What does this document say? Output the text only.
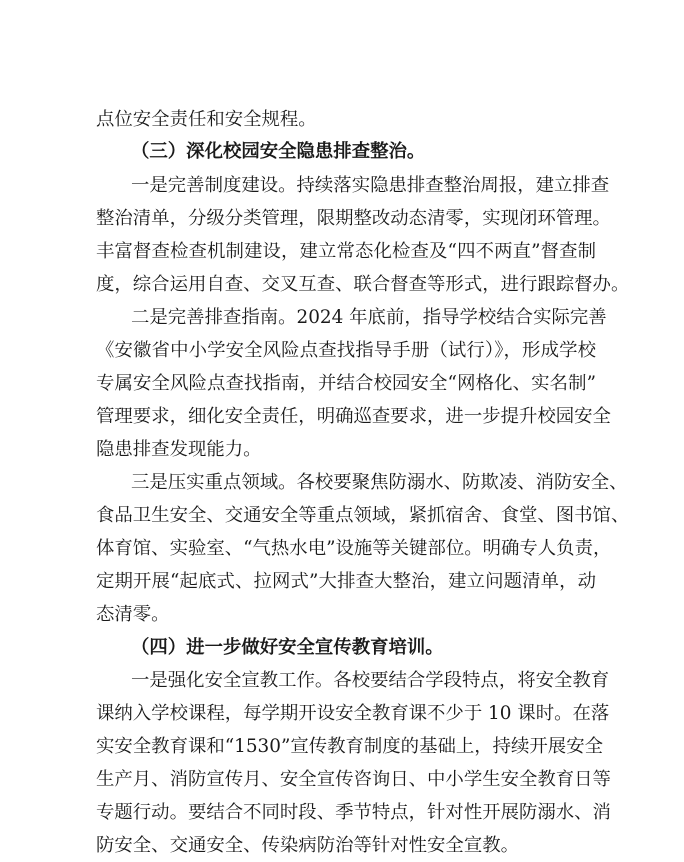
点位安全责任和安全规程。
（三）深化校园安全隐患排查整治。
一是完善制度建设。持续落实隐患排查整治周报，建立排查
整治清单，分级分类管理，限期整改动态清零，实现闭环管理。
丰富督查检查机制建设，建立常态化检查及“四不两直”督查制
度，综合运用自查、交叉互查、联合督查等形式，进行跟踪督办。
二是完善排查指南。2024 年底前，指导学校结合实际完善
《安徽省中小学安全风险点查找指导手册（试行）》，形成学校
专属安全风险点查找指南，并结合校园安全“网格化、实名制”
管理要求，细化安全责任，明确巡查要求，进一步提升校园安全
隐患排查发现能力。
三是压实重点领域。各校要聚焦防溺水、防欺凌、消防安全、
食品卫生安全、交通安全等重点领域，紧抓宿舍、食堂、图书馆、
体育馆、实验室、“气热水电”设施等关键部位。明确专人负责，
定期开展“起底式、拉网式”大排查大整治，建立问题清单，动
态清零。
（四）进一步做好安全宣传教育培训。
一是强化安全宣教工作。各校要结合学段特点，将安全教育
课纳入学校课程，每学期开设安全教育课不少于 10 课时。在落
实安全教育课和“1530”宣传教育制度的基础上，持续开展安全
生产月、消防宣传月、安全宣传咨询日、中小学生安全教育日等
专题行动。要结合不同时段、季节特点，针对性开展防溺水、消
防安全、交通安全、传染病防治等针对性安全宣教。
